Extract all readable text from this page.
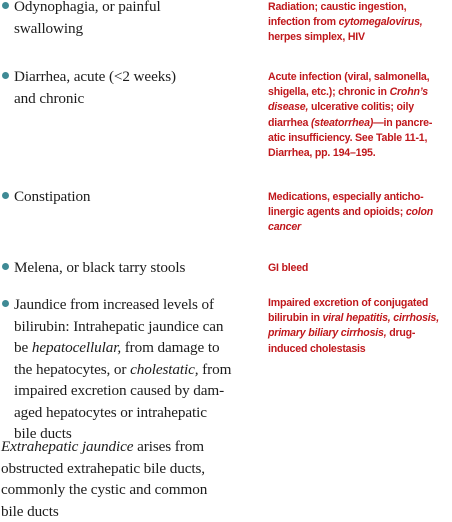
Odynophagia, or painful
swallowing
Radiation; caustic ingestion,
infection from cytomegalovirus,
herpes simplex, HIV
Diarrhea, acute (<2 weeks)
and chronic
Acute infection (viral, salmonella,
shigella, etc.); chronic in Crohn’s
disease, ulcerative colitis; oily
diarrhea (steatorrhea)—in pancre-
atic insufficiency. See Table 11-1,
Diarrhea, pp. 194–195.
Constipation	Medications, especially anticho-
linergic agents and opioids; colon
cancer
Melena, or black tarry stools	GI bleed
Jaundice from increased levels of
bilirubin: Intrahepatic jaundice can
be hepatocellular, from damage to
the hepatocytes, or cholestatic, from
impaired excretion caused by dam-
aged hepatocytes or intrahepatic
bile ducts
Impaired excretion of conjugated
bilirubin in viral hepatitis, cirrhosis,
primary biliary cirrhosis, drug-
induced cholestasis
Extrahepatic jaundice arises from
obstructed extrahepatic bile ducts,
commonly the cystic and common
bile ducts
